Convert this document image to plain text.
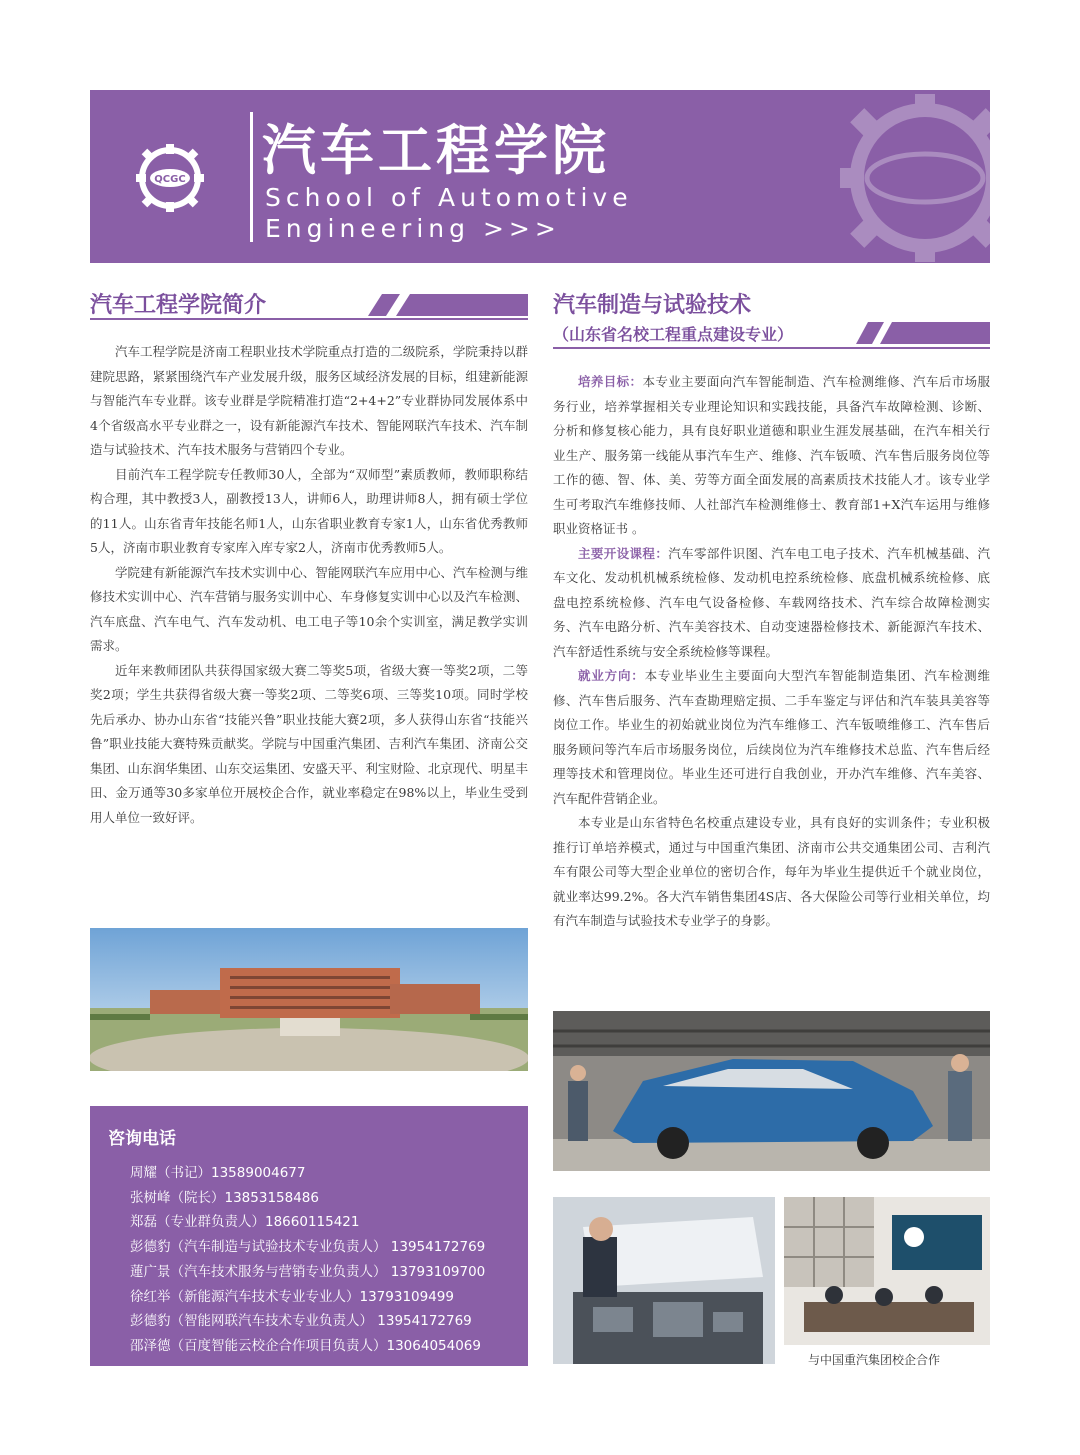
QCGC 汽车工程学院
School of Automotive Engineering >>>
汽车工程学院简介

汽车工程学院是济南工程职业技术学院重点打造的二级院系，学院秉持以群建院思路，紧紧围绕汽车产业发展升级，服务区域经济发展的目标，组建新能源与智能汽车专业群。该专业群是学院精准打造“2+4+2”专业群协同发展体系中4个省级高水平专业群之一，设有新能源汽车技术、智能网联汽车技术、汽车制造与试验技术、汽车技术服务与营销四个专业。

目前汽车工程学院专任教师30人，全部为“双师型”素质教师，教师职称结构合理，其中教授3人，副教授13人，讲师6人，助理讲师8人，拥有硕士学位的11人。山东省青年技能名师1人，山东省职业教育专家1人，山东省优秀教师5人，济南市职业教育专家库入库专家2人，济南市优秀教师5人。

学院建有新能源汽车技术实训中心、智能网联汽车应用中心、汽车检测与维修技术实训中心、汽车营销与服务实训中心、车身修复实训中心以及汽车检测、汽车底盘、汽车电气、汽车发动机、电工电子等10余个实训室，满足教学实训需求。

近年来教师团队共获得国家级大赛二等奖5项，省级大赛一等奖2项，二等奖2项；学生共获得省级大赛一等奖2项、二等奖6项、三等奖10项。同时学校先后承办、协办山东省“技能兴鲁”职业技能大赛2项，多人获得山东省“技能兴鲁”职业技能大赛特殊贡献奖。学院与中国重汽集团、吉利汽车集团、济南公交集团、山东润华集团、山东交运集团、安盛天平、利宝财险、北京现代、明星丰田、金万通等30多家单位开展校企合作，就业率稳定在98%以上，毕业生受到用人单位一致好评。

咨询电话
周耀（书记）13589004677
张树峰（院长）13853158486
郑磊（专业群负责人）18660115421
彭德豹（汽车制造与试验技术专业负责人） 13954172769
蓮广景（汽车技术服务与营销专业负责人） 13793109700
徐红举（新能源汽车技术专业专业人）13793109499
彭德豹（智能网联汽车技术专业负责人） 13954172769
邵泽德（百度智能云校企合作项目负责人）13064054069
汽车制造与试验技术
（山东省名校工程重点建设专业）

培养目标：本专业主要面向汽车智能制造、汽车检测维修、汽车后市场服务行业，培养掌握相关专业理论知识和实践技能，具备汽车故障检测、诊断、分析和修复核心能力，具有良好职业道德和职业生涯发展基础，在汽车相关行业生产、服务第一线能从事汽车生产、维修、汽车钣喷、汽车售后服务岗位等工作的德、智、体、美、劳等方面全面发展的高素质技术技能人才。该专业学生可考取汽车维修技师、人社部汽车检测维修士、教育部1+X汽车运用与维修职业资格证书 。

主要开设课程：汽车零部件识图、汽车电工电子技术、汽车机械基础、汽车文化、发动机机械系统检修、发动机电控系统检修、底盘机械系统检修、底盘电控系统检修、汽车电气设备检修、车载网络技术、汽车综合故障检测实务、汽车电路分析、汽车美容技术、自动变速器检修技术、新能源汽车技术、汽车舒适性系统与安全系统检修等课程。

就业方向：本专业毕业生主要面向大型汽车智能制造集团、汽车检测维修、汽车售后服务、汽车查勘理赔定损、二手车鉴定与评估和汽车装具美容等岗位工作。毕业生的初始就业岗位为汽车维修工、汽车钣喷维修工、汽车售后服务顾问等汽车后市场服务岗位，后续岗位为汽车维修技术总监、汽车售后经理等技术和管理岗位。毕业生还可进行自我创业，开办汽车维修、汽车美容、汽车配件营销企业。

本专业是山东省特色名校重点建设专业，具有良好的实训条件；专业积极推行订单培养模式，通过与中国重汽集团、济南市公共交通集团公司、吉利汽车有限公司等大型企业单位的密切合作，每年为毕业生提供近千个就业岗位，就业率达99.2%。各大汽车销售集团4S店、各大保险公司等行业相关单位，均有汽车制造与试验技术专业学子的身影。

与中国重汽集团校企合作
